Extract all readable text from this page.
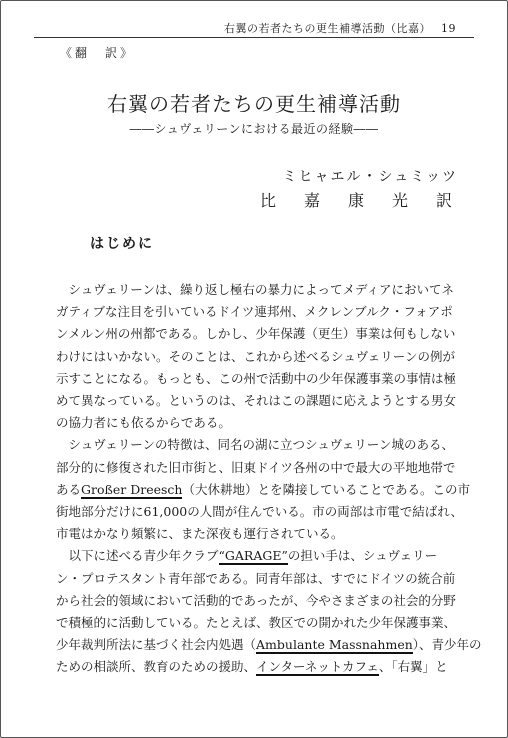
右翼の若者たちの更生補導活動（比嘉） 19
《翻　訳》
右翼の若者たちの更生補導活動
――シュヴェリーンにおける最近の経験――
ミヒャエル・シュミッツ
比　嘉　康　光　訳
はじめに
　シュヴェリーンは、繰り返し極右の暴力によってメディアにおいてネ
ガティブな注目を引いているドイツ連邦州、メクレンブルク・フォアポ
ンメルン州の州都である。しかし、少年保護（更生）事業は何もしない
わけにはいかない。そのことは、これから述べるシュヴェリーンの例が
示すことになる。もっとも、この州で活動中の少年保護事業の事情は極
めて異なっている。というのは、それはこの課題に応えようとする男女
の協力者にも依るからである。
　シュヴェリーンの特徴は、同名の湖に立つシュヴェリーン城のある、
部分的に修復された旧市街と、旧東ドイツ各州の中で最大の平地地帯で
あるGroßer Dreesch（大休耕地）とを隣接していることである。この市
街地部分だけに61,000の人間が住んでいる。市の両部は市電で結ばれ、
市電はかなり頻繁に、また深夜も運行されている。
　以下に述べる青少年クラブ“GARAGE”の担い手は、シュヴェリー
ン・プロテスタント青年部である。同青年部は、すでにドイツの統合前
から社会的領域において活動的であったが、今やさまざまの社会的分野
で積極的に活動している。たとえば、教区での開かれた少年保護事業、
少年裁判所法に基づく社会内処遇（Ambulante Massnahmen）、青少年の
ための相談所、教育のための援助、インターネットカフェ、「右翼」と
